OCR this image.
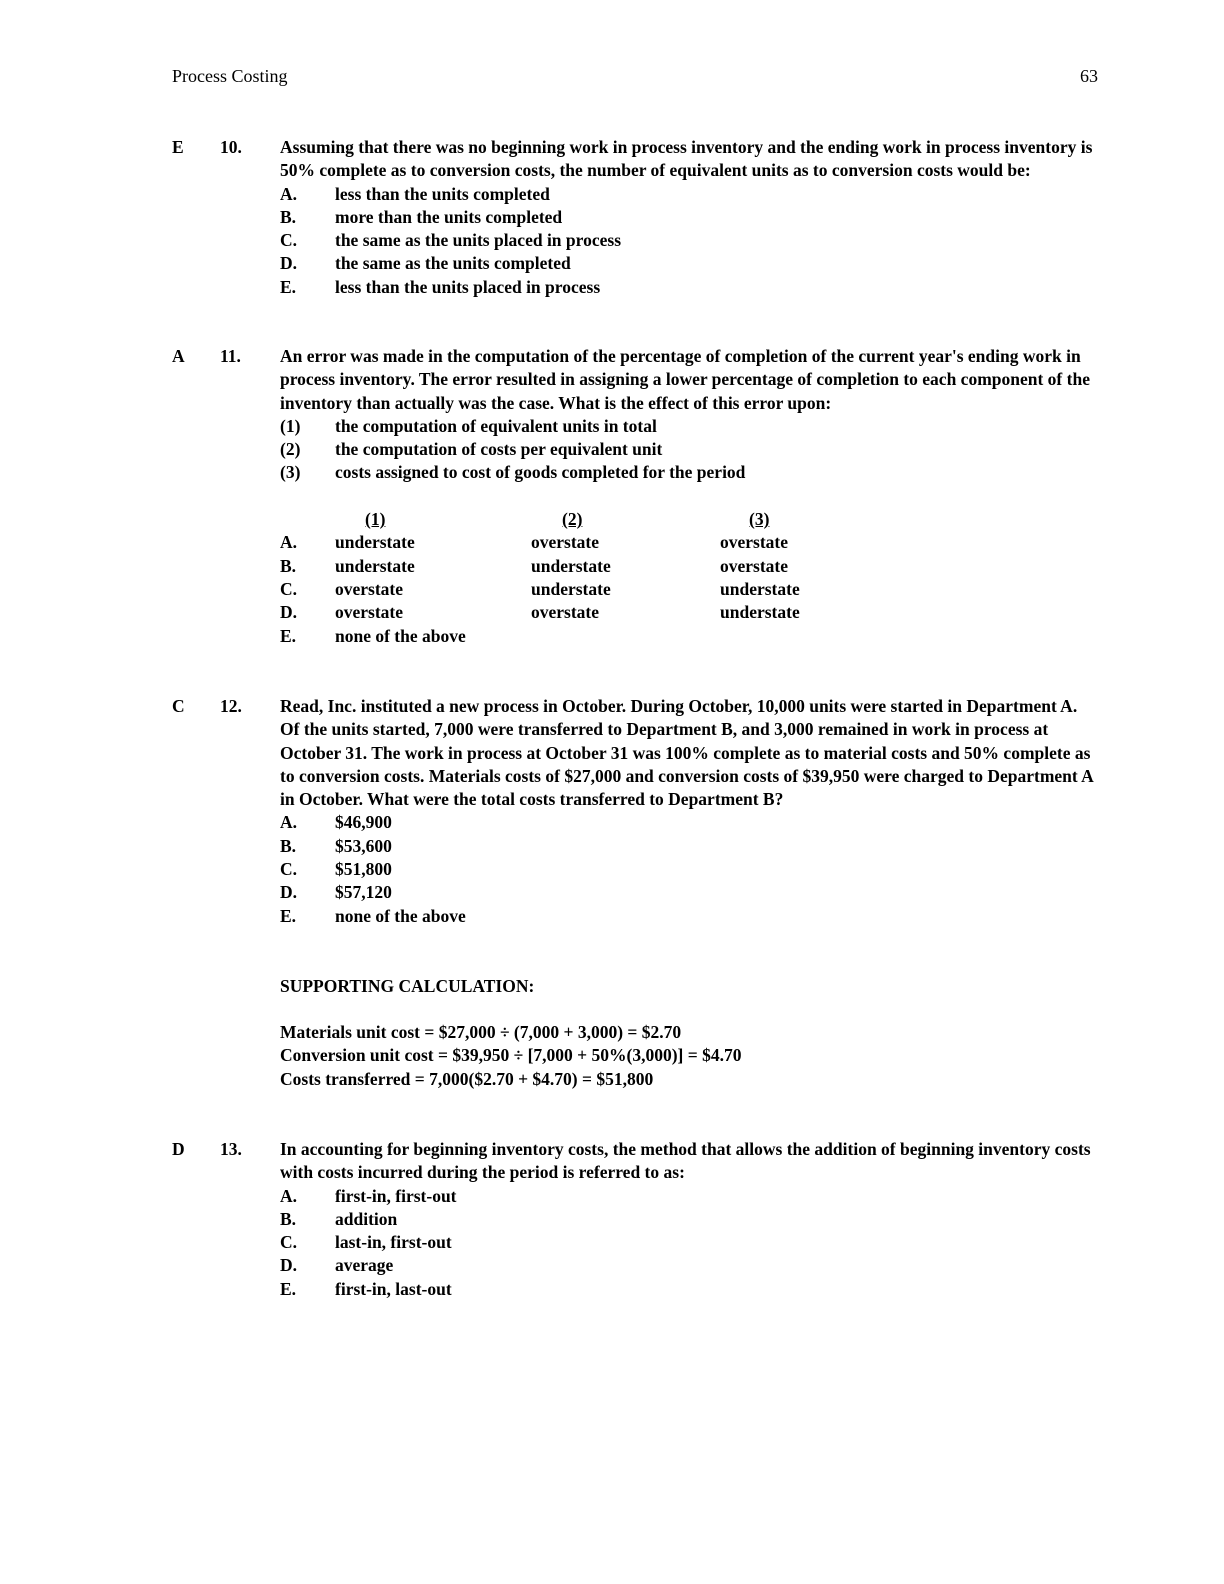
Process Costing	63
E 10. Assuming that there was no beginning work in process inventory and the ending work in process inventory is 50% complete as to conversion costs, the number of equivalent units as to conversion costs would be:

A. less than the units completed
B. more than the units completed
C. the same as the units placed in process
D. the same as the units completed
E. less than the units placed in process
A 11. An error was made in the computation of the percentage of completion of the current year's ending work in process inventory. The error resulted in assigning a lower percentage of completion to each component of the inventory than actually was the case. What is the effect of this error upon:

(1) the computation of equivalent units in total
(2) the computation of costs per equivalent unit
(3) costs assigned to cost of goods completed for the period
(1)	(2)	(3)
A. understate	overstate	overstate
B. understate	understate	overstate
C. overstate	understate	understate
D. overstate	overstate	understate
E. none of the above
C 12. Read, Inc. instituted a new process in October. During October, 10,000 units were started in Department A. Of the units started, 7,000 were transferred to Department B, and 3,000 remained in work in process at October 31. The work in process at October 31 was 100% complete as to material costs and 50% complete as to conversion costs. Materials costs of $27,000 and conversion costs of $39,950 were charged to Department A in October. What were the total costs transferred to Department B?

A. $46,900
B. $53,600
C. $51,800
D. $57,120
E. none of the above
SUPPORTING CALCULATION:
Materials unit cost = $27,000 ÷ (7,000 + 3,000) = $2.70
Conversion unit cost = $39,950 ÷ [7,000 + 50%(3,000)] = $4.70
Costs transferred = 7,000($2.70 + $4.70) = $51,800
D 13. In accounting for beginning inventory costs, the method that allows the addition of beginning inventory costs with costs incurred during the period is referred to as:

A. first-in, first-out
B. addition
C. last-in, first-out
D. average
E. first-in, last-out
